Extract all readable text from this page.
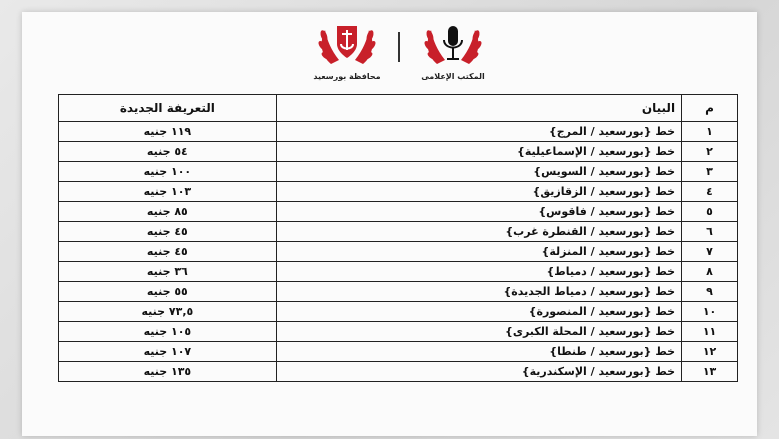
المكتب الإعلامى
محافظة بورسعيد
م	البيان	التعريفة الجديدة
١	خط {بورسعيد / المرج}	١١٩ جنيه
٢	خط {بورسعيد / الإسماعيلية}	٥٤ جنيه
٣	خط {بورسعيد / السويس}	١٠٠ جنيه
٤	خط {بورسعيد / الزقازيق}	١٠٣ جنيه
٥	خط {بورسعيد / فاقوس}	٨٥ جنيه
٦	خط {بورسعيد / القنطرة غرب}	٤٥ جنيه
٧	خط {بورسعيد / المنزلة}	٤٥ جنيه
٨	خط {بورسعيد / دمياط}	٣٦ جنيه
٩	خط {بورسعيد / دمياط الجديدة}	٥٥ جنيه
١٠	خط {بورسعيد / المنصورة}	٧٣,٥ جنيه
١١	خط {بورسعيد / المحلة الكبرى}	١٠٥ جنيه
١٢	خط {بورسعيد / طنطا}	١٠٧ جنيه
١٣	خط {بورسعيد / الإسكندرية}	١٣٥ جنيه
